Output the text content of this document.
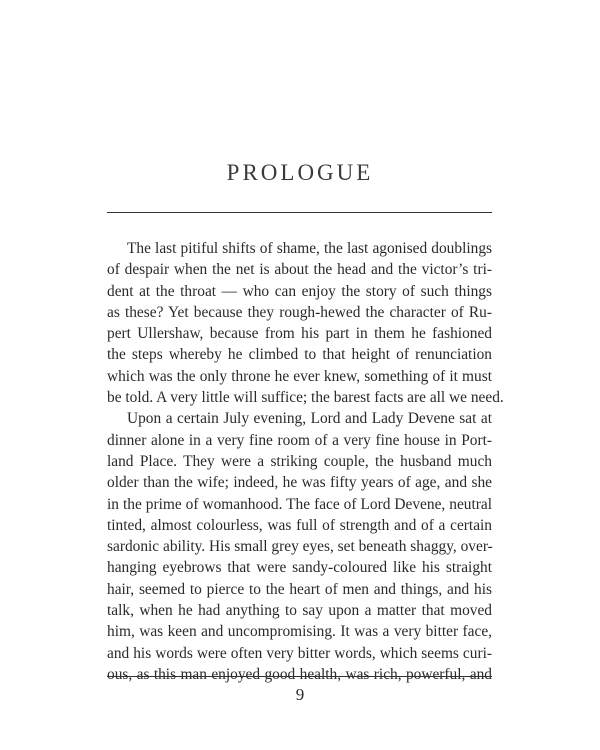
PROLOGUE
The last pitiful shifts of shame, the last agonised doublings
of despair when the net is about the head and the victor’s tri-
dent at the throat — who can enjoy the story of such things
as these? Yet because they rough-hewed the character of Ru-
pert Ullershaw, because from his part in them he fashioned
the steps whereby he climbed to that height of renunciation
which was the only throne he ever knew, something of it must
be told. A very little will suffice; the barest facts are all we need.
Upon a certain July evening, Lord and Lady Devene sat at
dinner alone in a very fine room of a very fine house in Port-
land Place. They were a striking couple, the husband much
older than the wife; indeed, he was fifty years of age, and she
in the prime of womanhood. The face of Lord Devene, neutral
tinted, almost colourless, was full of strength and of a certain
sardonic ability. His small grey eyes, set beneath shaggy, over-
hanging eyebrows that were sandy-coloured like his straight
hair, seemed to pierce to the heart of men and things, and his
talk, when he had anything to say upon a matter that moved
him, was keen and uncompromising. It was a very bitter face,
and his words were often very bitter words, which seems curi-
ous, as this man enjoyed good health, was rich, powerful, and
9
